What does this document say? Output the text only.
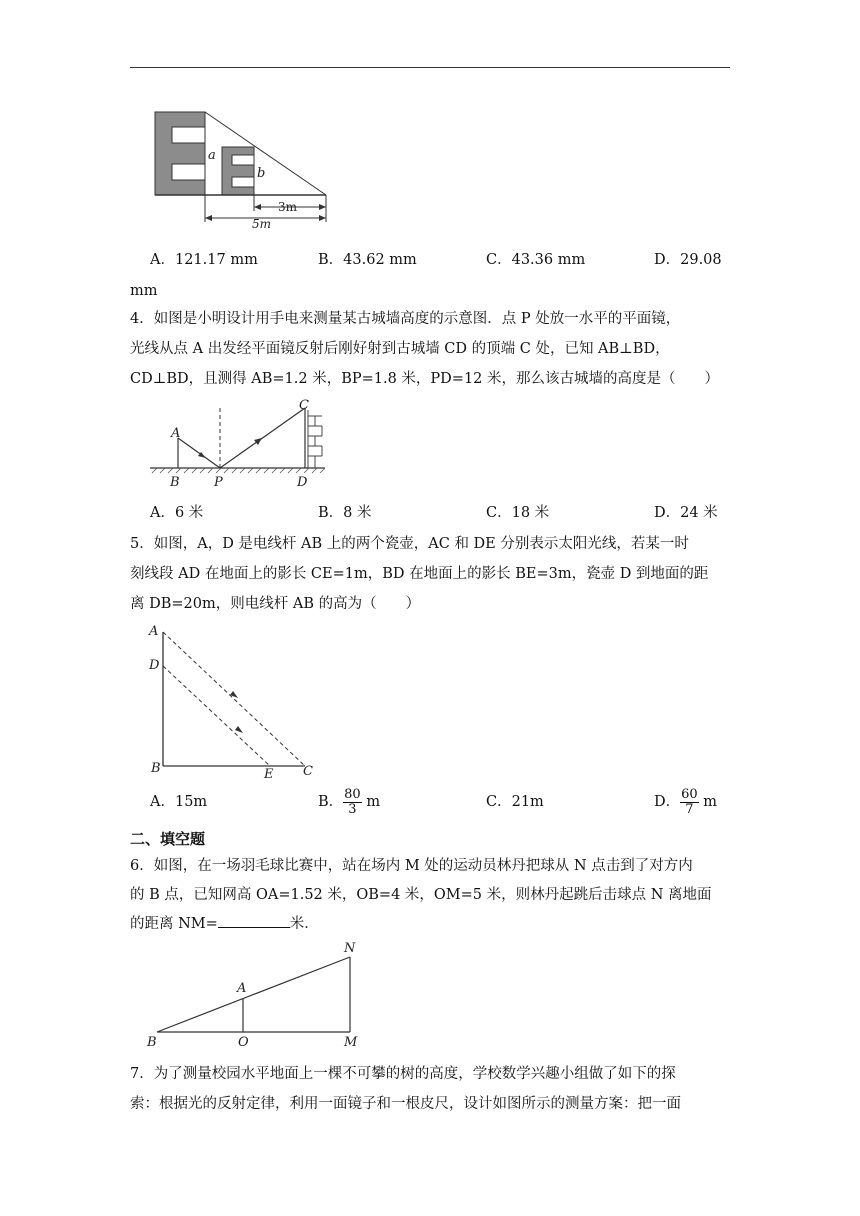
a
b
3m
5m
A．121.17 mm	B．43.62 mm	C．43.36 mm	D．29.08
mm
4．如图是小明设计用手电来测量某古城墙高度的示意图．点 P 处放一水平的平面镜，
光线从点 A 出发经平面镜反射后刚好射到古城墙 CD 的顶端 C 处，已知 AB⊥BD，
CD⊥BD，且测得 AB=1.2 米，BP=1.8 米，PD=12 米，那么该古城墙的高度是（　　）
A
B	P
C
D
A．6 米	B．8 米	C．18 米	D．24 米
5．如图，A，D 是电线杆 AB 上的两个瓷壶，AC 和 DE 分别表示太阳光线，若某一时
刻线段 AD 在地面上的影长 CE=1m，BD 在地面上的影长 BE=3m，瓷壶 D 到地面的距
离 DB=20m，则电线杆 AB 的高为（　　）
A
D
B	E C
A．15m	B． $\frac{80}{3}$ m	C．21m	D． $\frac{60}{7}$ m
二、填空题
6．如图，在一场羽毛球比赛中，站在场内 M 处的运动员林丹把球从 N 点击到了对方内
的 B 点，已知网高 OA=1.52 米，OB=4 米，OM=5 米，则林丹起跳后击球点 N 离地面
的距离 NM=	米．
N
A
B	O	M
7．为了测量校园水平地面上一棵不可攀的树的高度，学校数学兴趣小组做了如下的探
索：根据光的反射定律，利用一面镜子和一根皮尺，设计如图所示的测量方案：把一面
